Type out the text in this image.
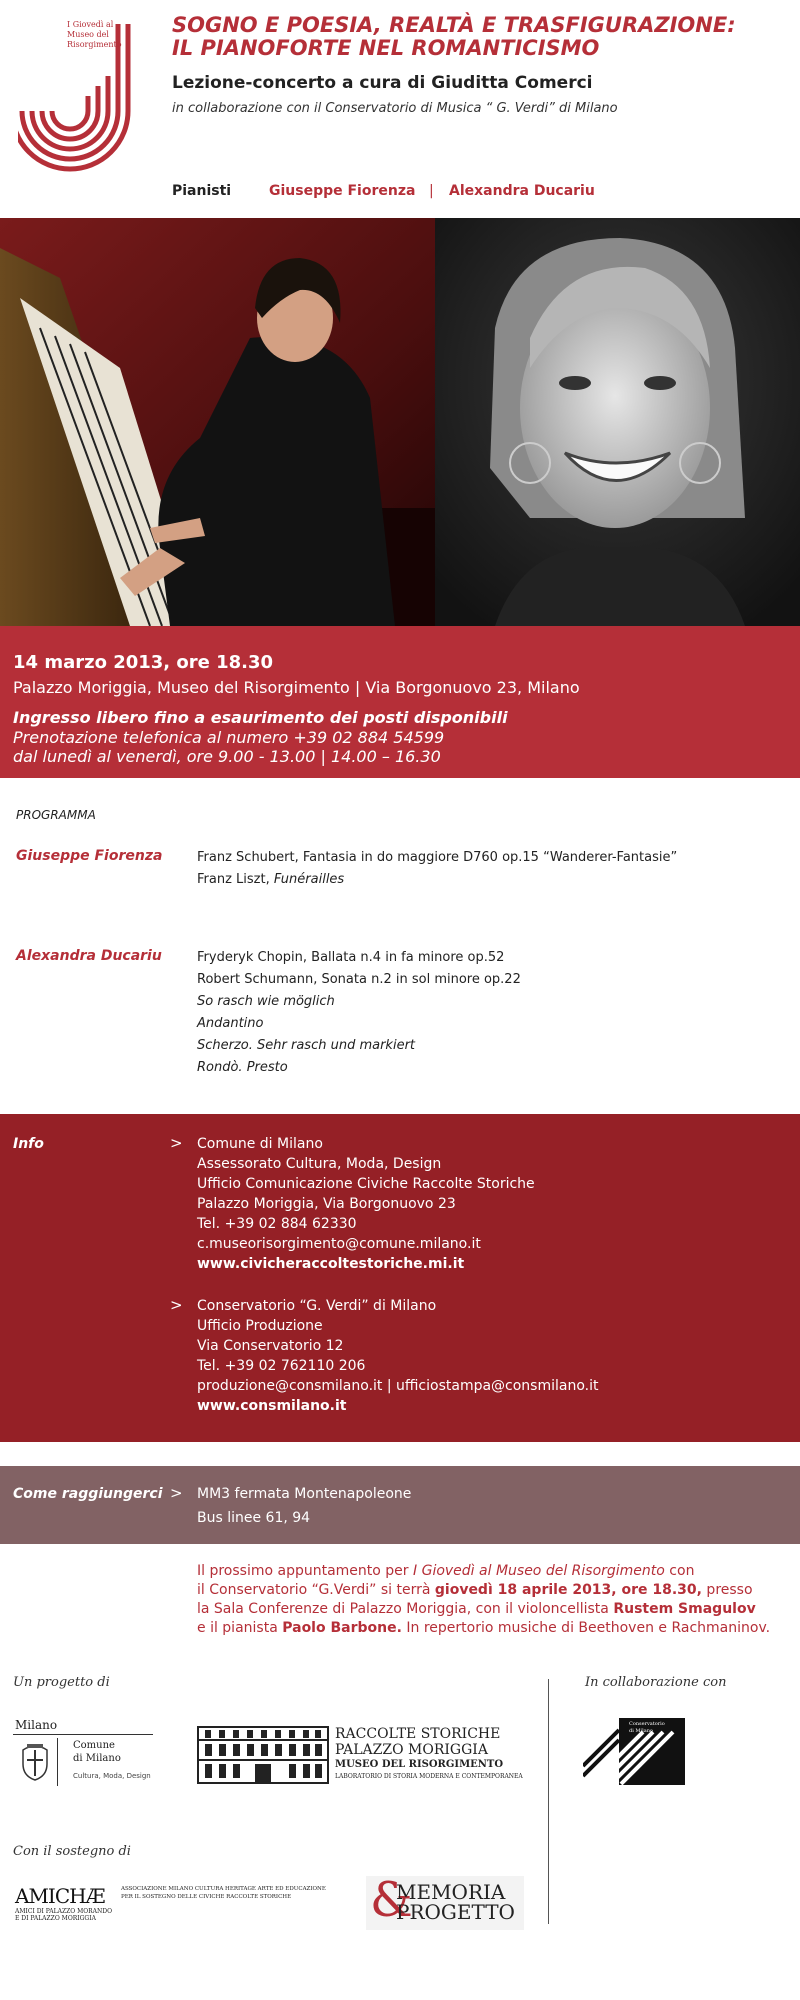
I Giovedì al Museo del Risorgimento
SOGNO E POESIA, REALTÀ E TRASFIGURAZIONE:
IL PIANOFORTE NEL ROMANTICISMO
Lezione-concerto a cura di Giuditta Comerci
in collaborazione con il Conservatorio di Musica “ G. Verdi” di Milano
Pianisti	Giuseppe Fiorenza | Alexandra Ducariu
14 marzo 2013, ore 18.30
Palazzo Moriggia, Museo del Risorgimento | Via Borgonuovo 23, Milano
Ingresso libero fino a esaurimento dei posti disponibili
Prenotazione telefonica al numero +39 02 884 54599
dal lunedì al venerdì, ore 9.00 - 13.00 | 14.00 – 16.30
PROGRAMMA
Giuseppe Fiorenza	Franz Schubert, Fantasia in do maggiore D760 op.15 “Wanderer-Fantasie”
Franz Liszt, Funérailles
Alexandra Ducariu	Fryderyk Chopin, Ballata n.4 in fa minore op.52
Robert Schumann, Sonata n.2 in sol minore op.22
So rasch wie möglich
Andantino
Scherzo. Sehr rasch und markiert
Rondò. Presto
Info	> Comune di Milano
Assessorato Cultura, Moda, Design
Ufficio Comunicazione Civiche Raccolte Storiche
Palazzo Moriggia, Via Borgonuovo 23
Tel. +39 02 884 62330
c.museorisorgimento@comune.milano.it
www.civicheraccoltestoriche.mi.it
> Conservatorio “G. Verdi” di Milano
Ufficio Produzione
Via Conservatorio 12
Tel. +39 02 762110 206
produzione@consmilano.it | ufficiostampa@consmilano.it
www.consmilano.it
Come raggiungerci > MM3 fermata Montenapoleone
Bus linee 61, 94
Il prossimo appuntamento per I Giovedì al Museo del Risorgimento con
il Conservatorio “G.Verdi” si terrà giovedì 18 aprile 2013, ore 18.30, presso
la Sala Conferenze di Palazzo Moriggia, con il violoncellista Rustem Smagulov
e il pianista Paolo Barbone. In repertorio musiche di Beethoven e Rachmaninov.
Un progetto di	In collaborazione con
Milano
Comune
di Milano
Cultura, Moda, Design
RACCOLTE STORICHE
PALAZZO MORIGGIA
MUSEO DEL RISORGIMENTO
LABORATORIO DI STORIA MODERNA E CONTEMPORANEA
Conservatorio
di Milano
Con il sostegno di
AMICHÆ	ASSOCIAZIONE MILANO CULTURA HERITAGE ARTE ED EDUCAZIONE
PER IL SOSTEGNO DELLE CIVICHE RACCOLTE STORICHE
AMICI DI PALAZZO MORANDO
E DI PALAZZO MORIGGIA	&
MEMORIA
PROGETTO
